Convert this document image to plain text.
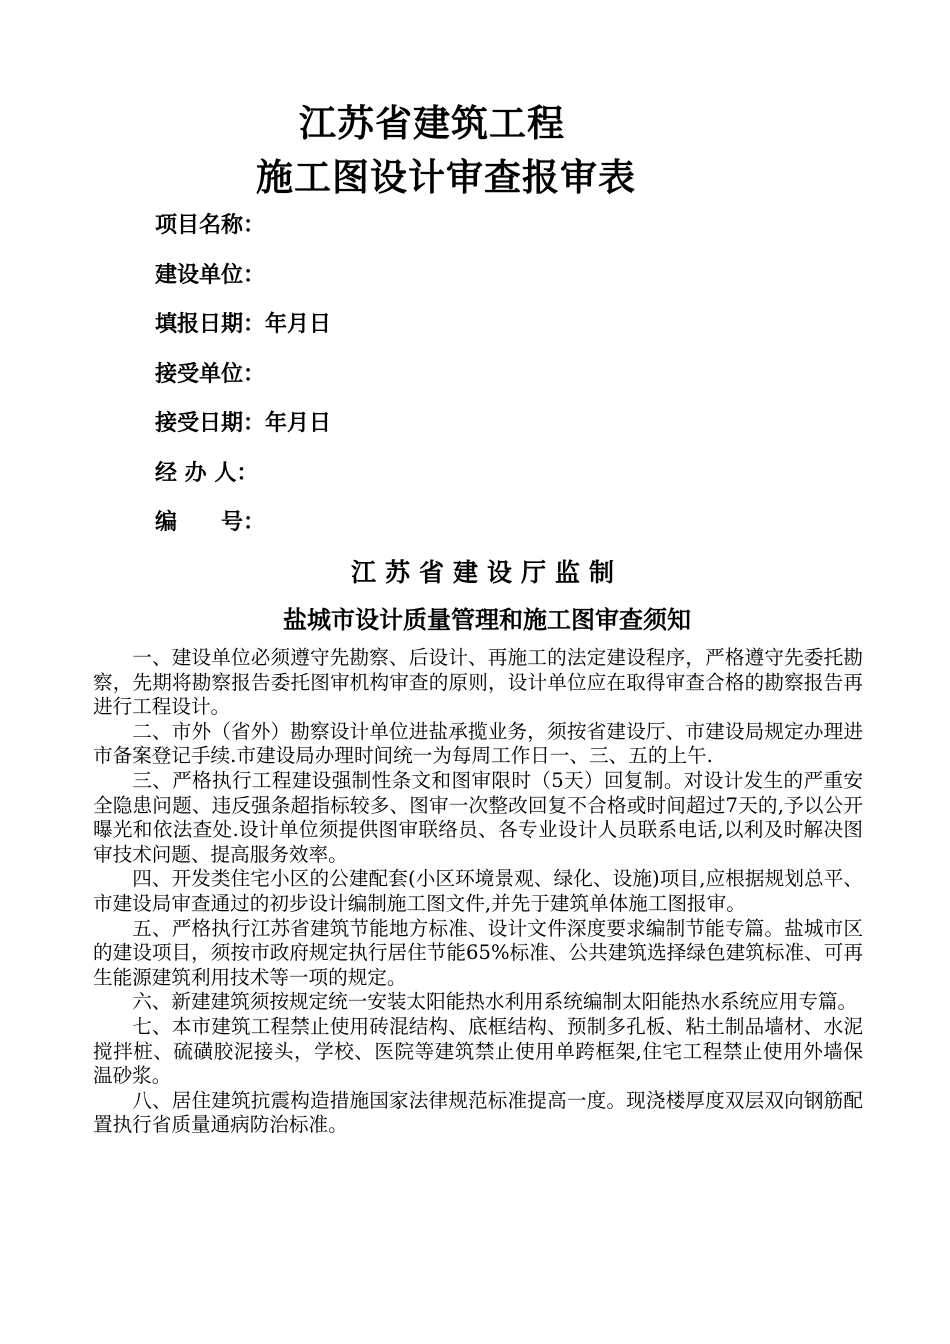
江苏省建筑工程
施工图设计审查报审表
项目名称：
建设单位：
填报日期：年月日
接受单位：
接受日期：年月日
经 办 人：
编　　号：
江苏省建设厅监制
盐城市设计质量管理和施工图审查须知

一、建设单位必须遵守先勘察、后设计、再施工的法定建设程序，严格遵守先委托勘察，先期将勘察报告委托图审机构审查的原则，设计单位应在取得审查合格的勘察报告再进行工程设计。

二、市外（省外）勘察设计单位进盐承揽业务，须按省建设厅、市建设局规定办理进市备案登记手续.市建设局办理时间统一为每周工作日一、三、五的上午.

三、严格执行工程建设强制性条文和图审限时（5天）回复制。对设计发生的严重安全隐患问题、违反强条超指标较多、图审一次整改回复不合格或时间超过7天的,予以公开曝光和依法查处.设计单位须提供图审联络员、各专业设计人员联系电话,以利及时解决图审技术问题、提高服务效率。

四、开发类住宅小区的公建配套(小区环境景观、绿化、设施)项目,应根据规划总平、市建设局审查通过的初步设计编制施工图文件,并先于建筑单体施工图报审。

五、严格执行江苏省建筑节能地方标准、设计文件深度要求编制节能专篇。盐城市区的建设项目，须按市政府规定执行居住节能65%标准、公共建筑选择绿色建筑标准、可再生能源建筑利用技术等一项的规定。

六、新建建筑须按规定统一安装太阳能热水利用系统编制太阳能热水系统应用专篇。

七、本市建筑工程禁止使用砖混结构、底框结构、预制多孔板、粘土制品墙材、水泥搅拌桩、硫磺胶泥接头，学校、医院等建筑禁止使用单跨框架,住宅工程禁止使用外墙保温砂浆。

八、居住建筑抗震构造措施国家法律规范标准提高一度。现浇楼厚度双层双向钢筋配置执行省质量通病防治标准。
